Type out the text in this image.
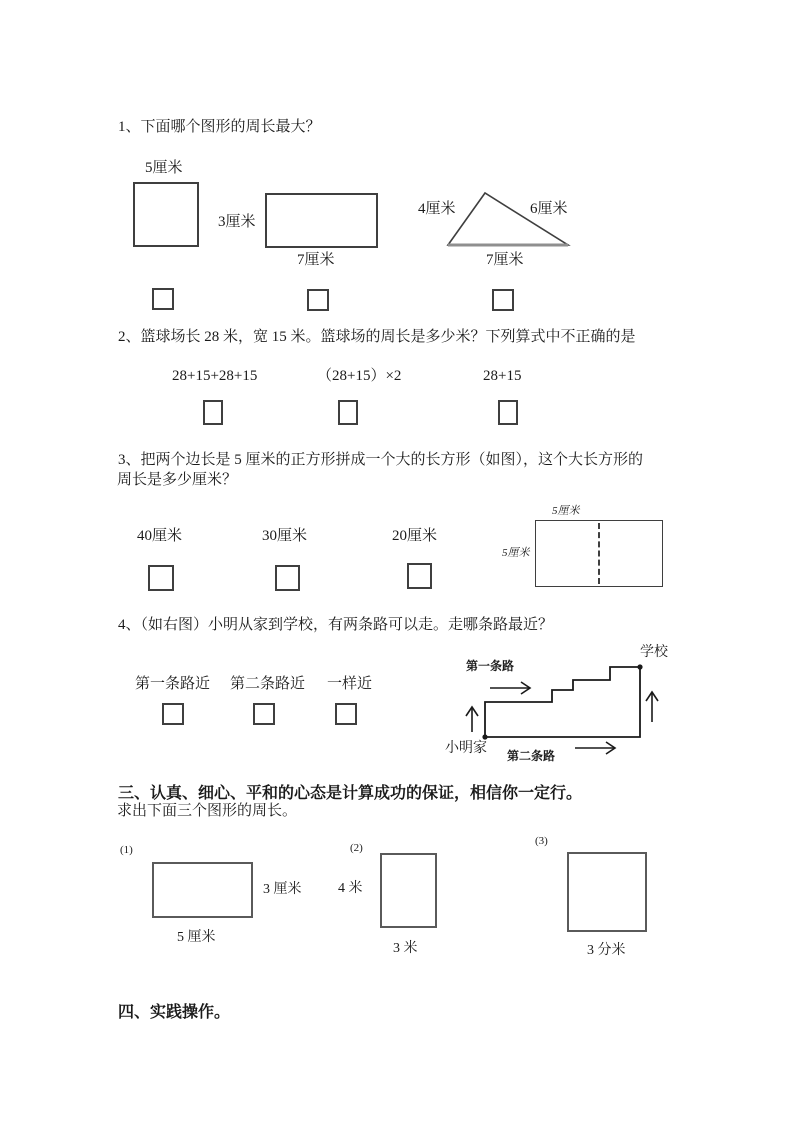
1、下面哪个图形的周长最大？
5厘米
3厘米
7厘米
4厘米	6厘米
7厘米
2、篮球场长 28 米，宽 15 米。篮球场的周长是多少米？下列算式中不正确的是
28+15+28+15	（28+15）×2	28+15
3、把两个边长是 5 厘米的正方形拼成一个大的长方形（如图），这个大长方形的
周长是多少厘米？
40厘米	30厘米	20厘米
5厘米
5厘米
4、（如右图）小明从家到学校，有两条路可以走。走哪条路最近？
第一条路近 第二条路近 一样近
学校
第一条路
小明家 第二条路
三、认真、细心、平和的心态是计算成功的保证，相信你一定行。
求出下面三个图形的周长。
(1)
3 厘米
5 厘米
(2)
4 米
3 米
(3)
3 分米
四、实践操作。
